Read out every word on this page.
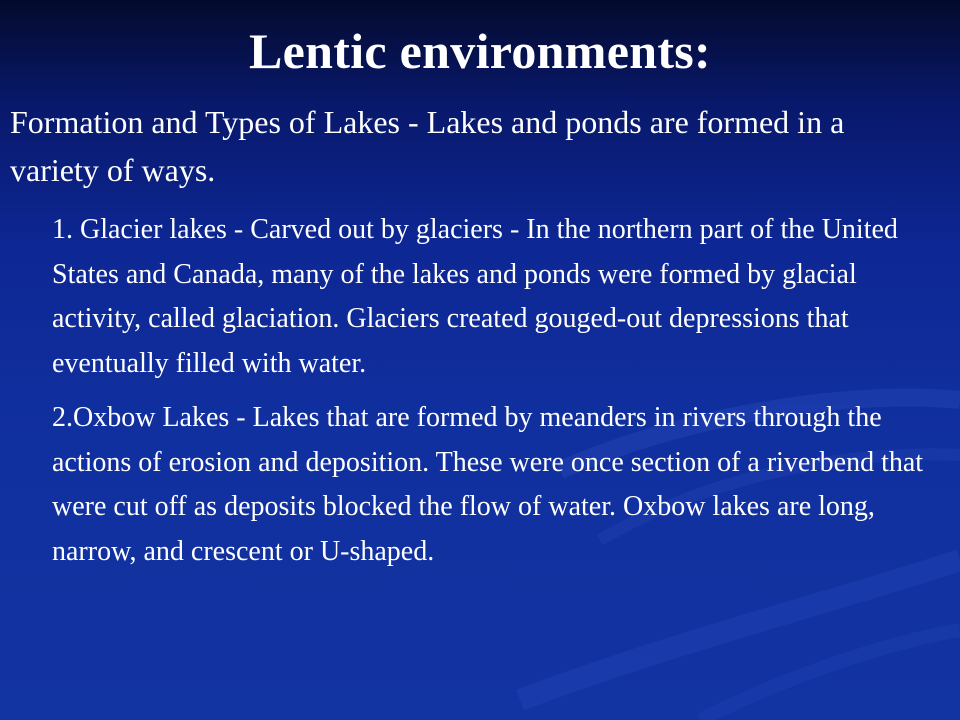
Lentic environments:

Formation and Types of Lakes - Lakes and ponds are formed in a variety of ways.

1. Glacier lakes - Carved out by glaciers - In the northern part of the United States and Canada, many of the lakes and ponds were formed by glacial activity, called glaciation. Glaciers created gouged-out depressions that eventually filled with water.

2.Oxbow Lakes - Lakes that are formed by meanders in rivers through the actions of erosion and deposition. These were once section of a riverbend that were cut off as deposits blocked the flow of water. Oxbow lakes are long, narrow, and crescent or U-shaped.
